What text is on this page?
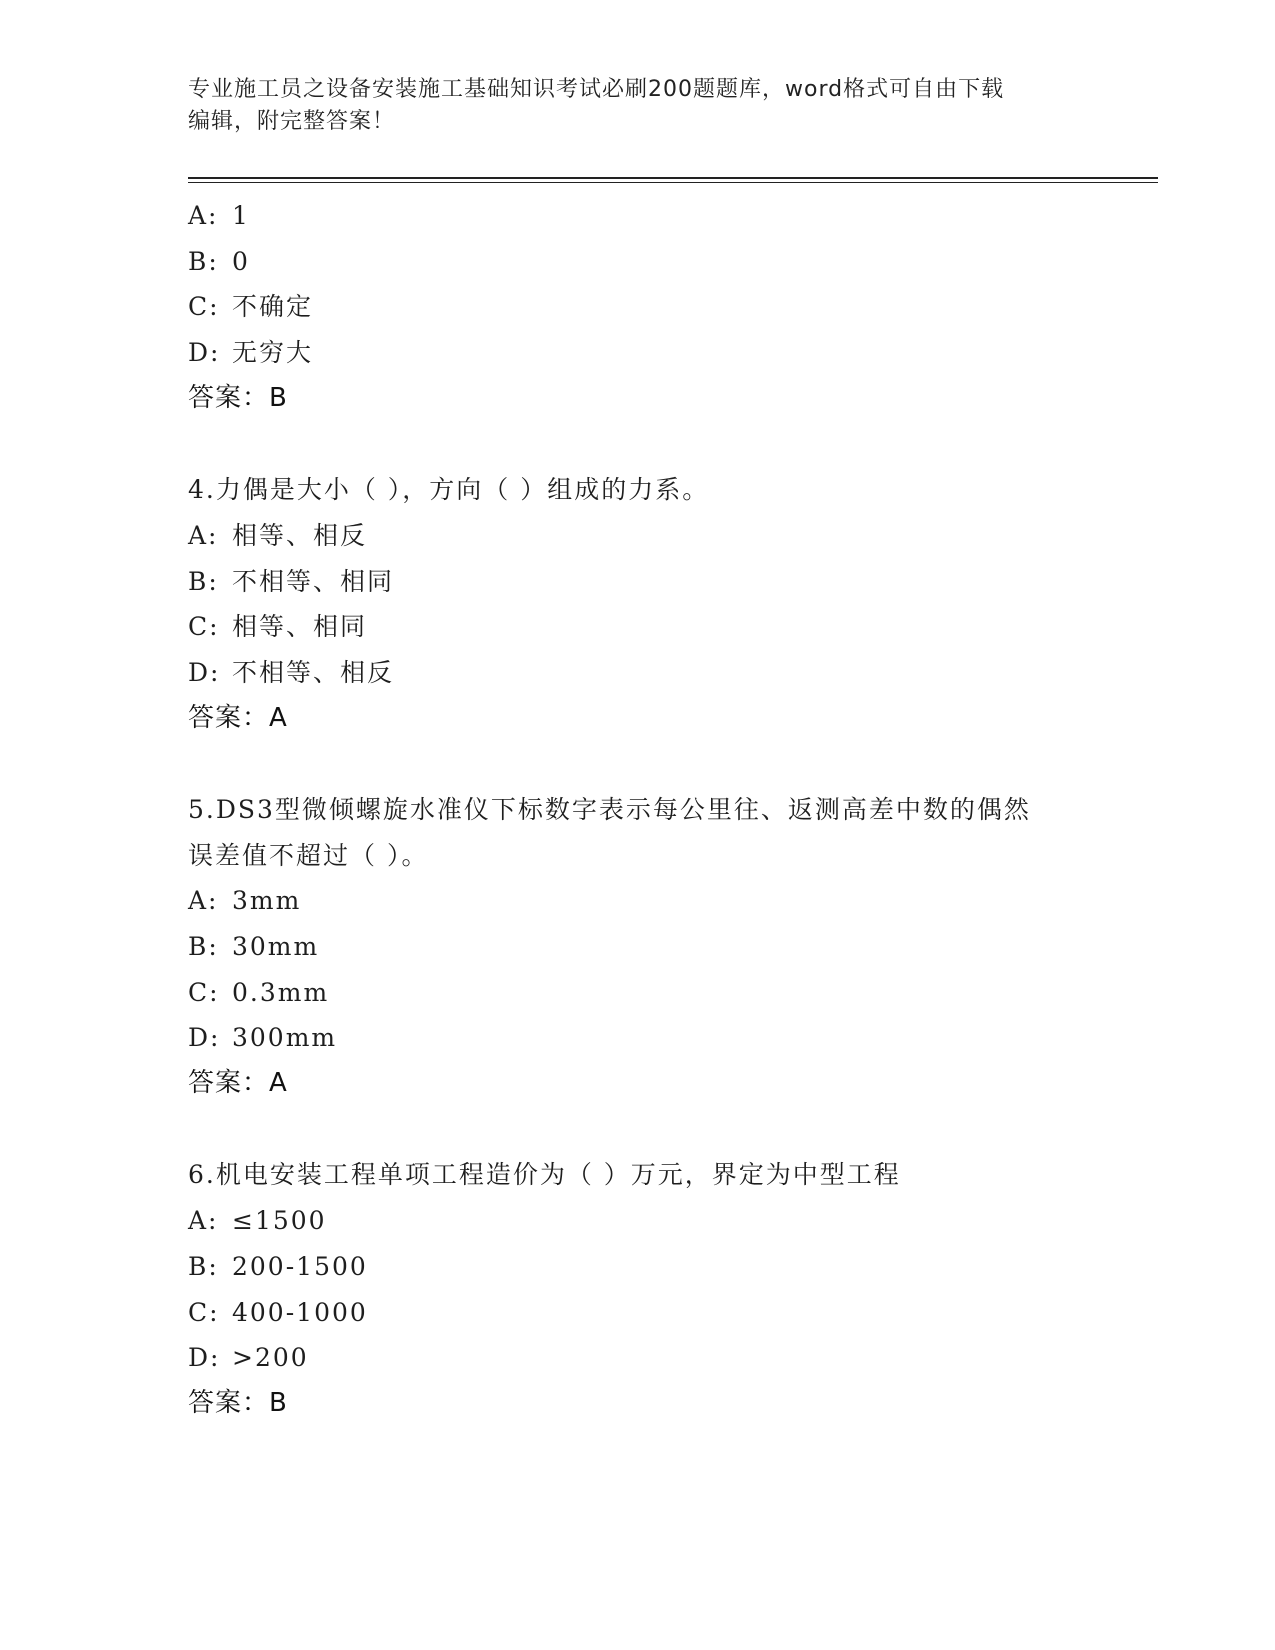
专业施工员之设备安装施工基础知识考试必刷200题题库，word格式可自由下载
编辑，附完整答案！
A: 1
B: 0
C: 不确定
D: 无穷大
答案：B
4.力偶是大小（ ），方向（ ）组成的力系。
A: 相等、相反
B: 不相等、相同
C: 相等、相同
D: 不相等、相反
答案：A
5.DS3型微倾螺旋水准仪下标数字表示每公里往、返测高差中数的偶然
误差值不超过（ ）。
A: 3mm
B: 30mm
C: 0.3mm
D: 300mm
答案：A
6.机电安装工程单项工程造价为（ ）万元，界定为中型工程
A: ≤1500
B: 200-1500
C: 400-1000
D: >200
答案：B
